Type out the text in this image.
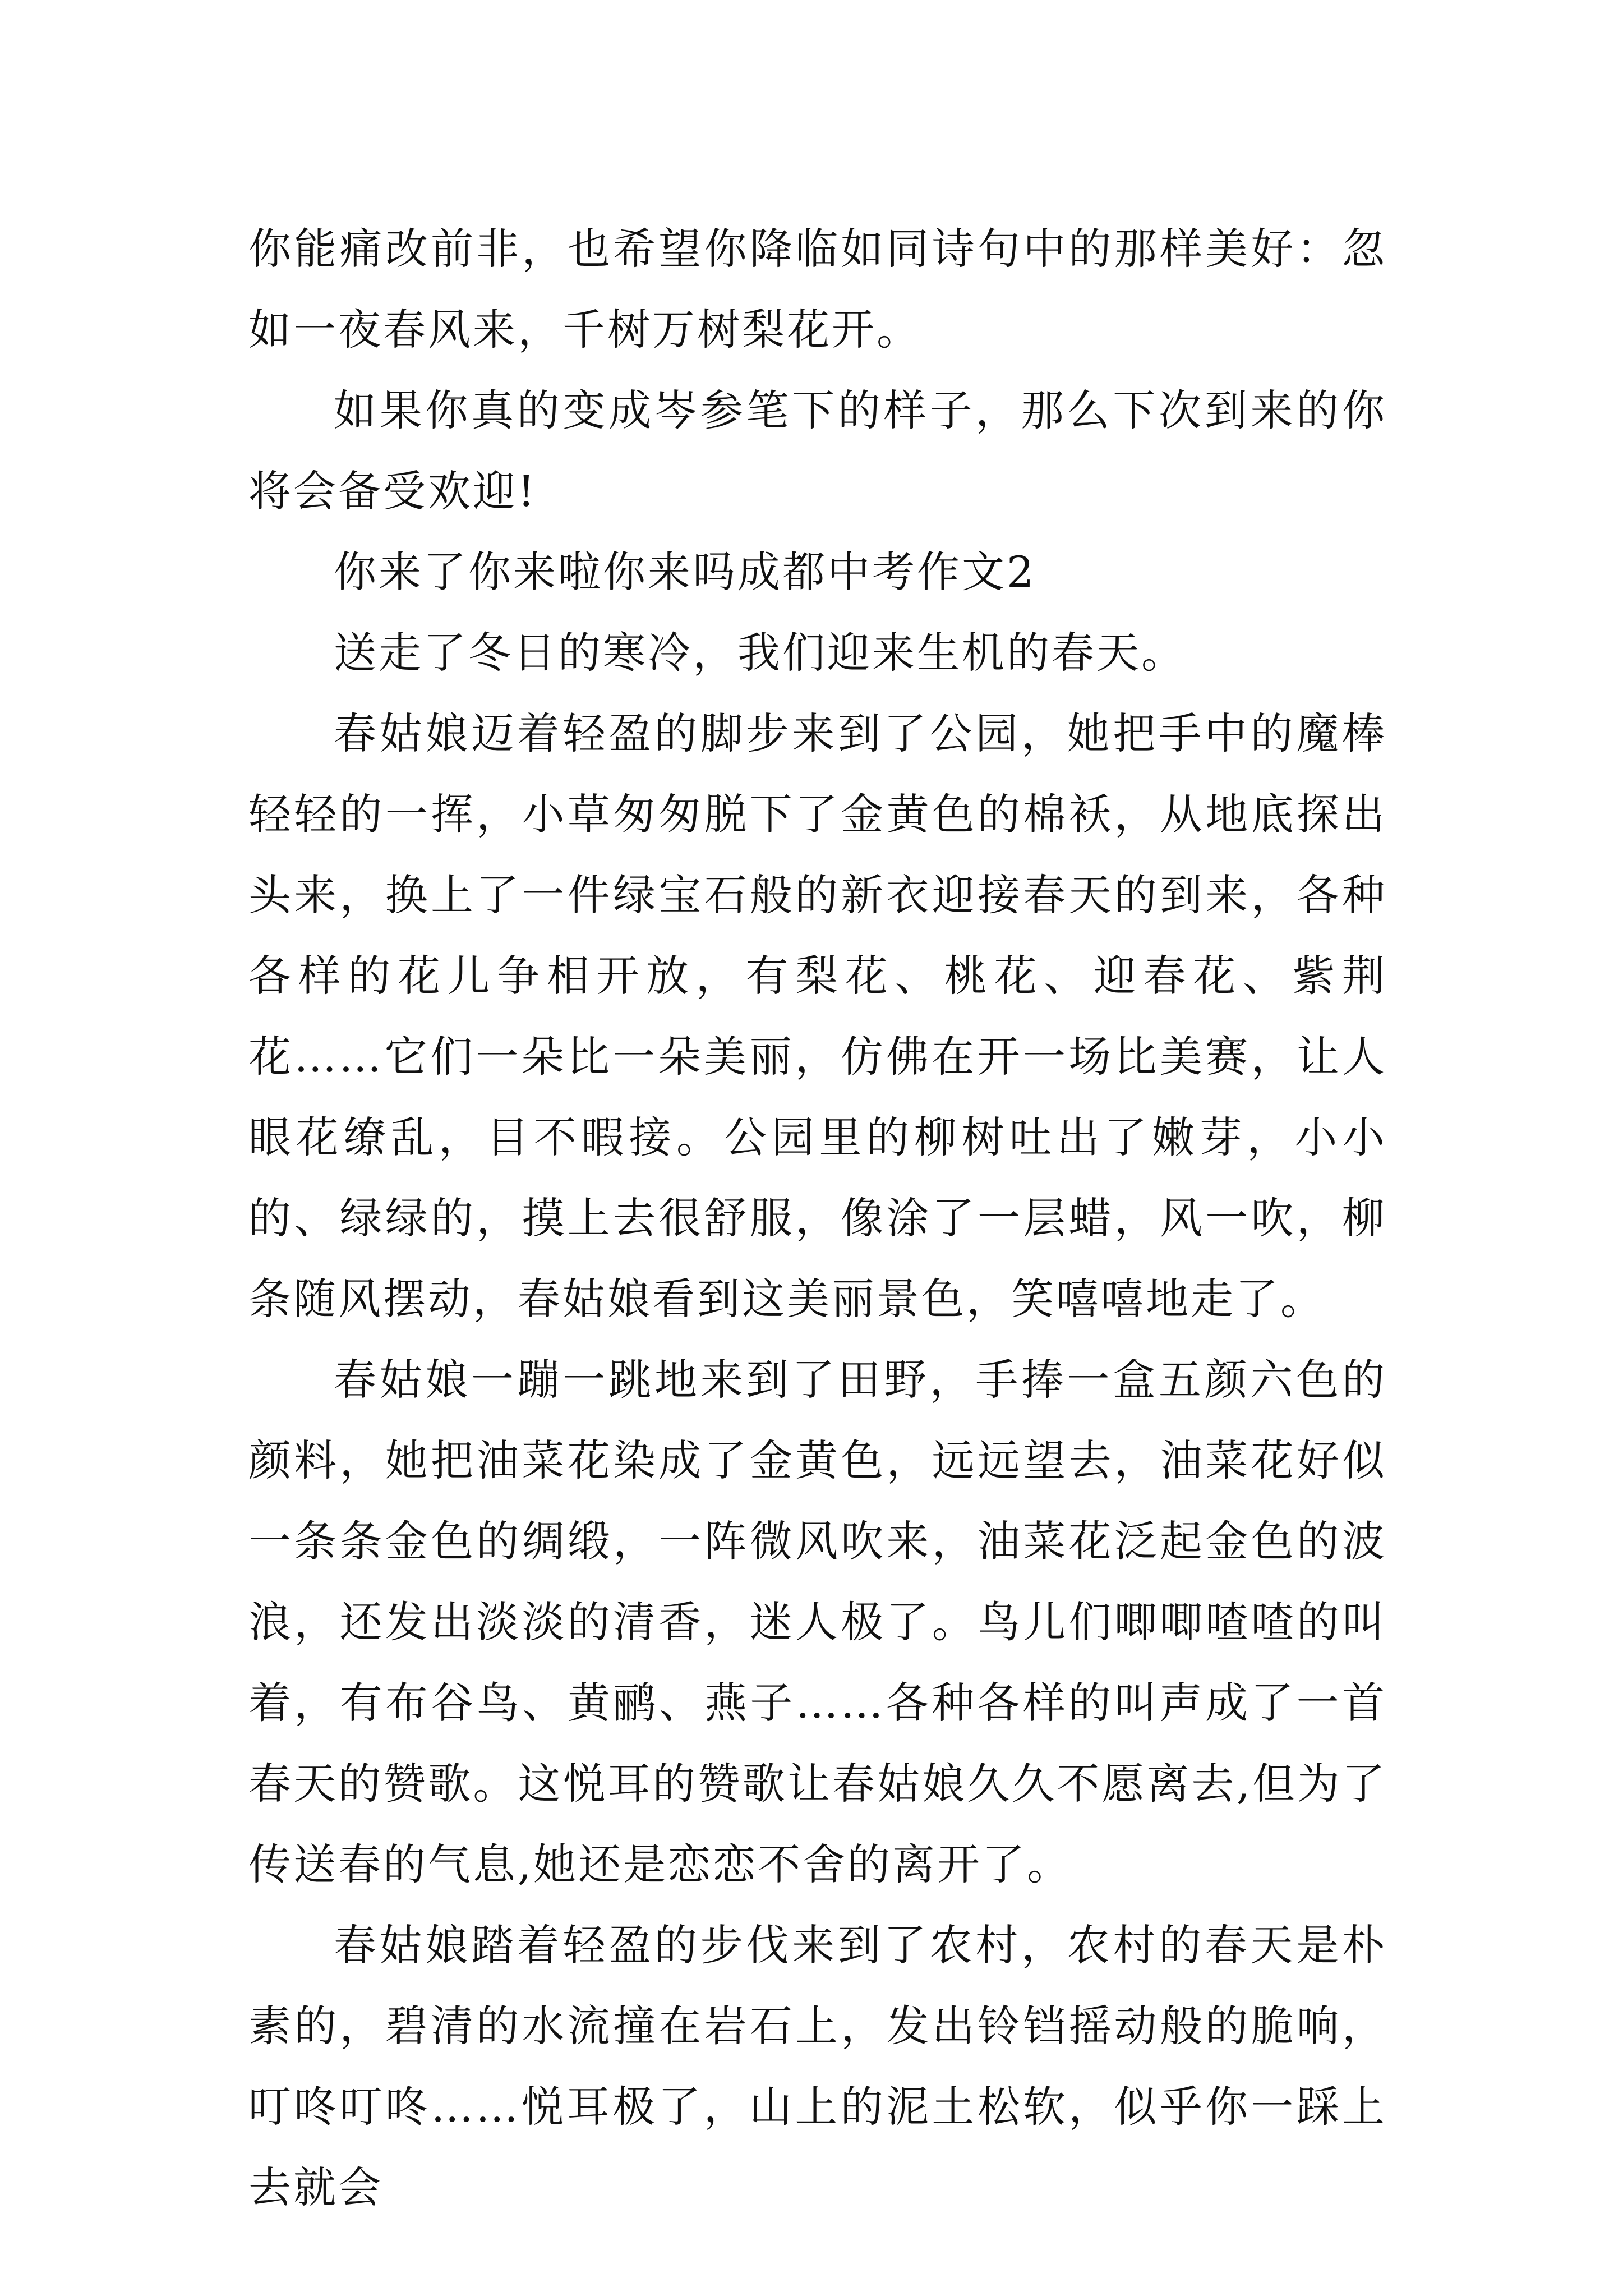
你能痛改前非，也希望你降临如同诗句中的那样美好：忽如一夜春风来，千树万树梨花开。

如果你真的变成岑参笔下的样子，那么下次到来的你将会备受欢迎!

你来了你来啦你来吗成都中考作文2

送走了冬日的寒冷，我们迎来生机的春天。

春姑娘迈着轻盈的脚步来到了公园，她把手中的魔棒轻轻的一挥，小草匆匆脱下了金黄色的棉袄，从地底探出头来，换上了一件绿宝石般的新衣迎接春天的到来，各种各样的花儿争相开放，有梨花、桃花、迎春花、紫荆花……它们一朵比一朵美丽，仿佛在开一场比美赛，让人眼花缭乱，目不暇接。公园里的柳树吐出了嫩芽，小小的、绿绿的，摸上去很舒服，像涂了一层蜡，风一吹，柳条随风摆动，春姑娘看到这美丽景色，笑嘻嘻地走了。

春姑娘一蹦一跳地来到了田野，手捧一盒五颜六色的颜料，她把油菜花染成了金黄色，远远望去，油菜花好似一条条金色的绸缎，一阵微风吹来，油菜花泛起金色的波浪，还发出淡淡的清香，迷人极了。鸟儿们唧唧喳喳的叫着，有布谷鸟、黄鹂、燕子……各种各样的叫声成了一首春天的赞歌。这悦耳的赞歌让春姑娘久久不愿离去,但为了传送春的气息,她还是恋恋不舍的离开了。

春姑娘踏着轻盈的步伐来到了农村，农村的春天是朴素的，碧清的水流撞在岩石上，发出铃铛摇动般的脆响，叮咚叮咚……悦耳极了，山上的泥土松软，似乎你一踩上去就会
